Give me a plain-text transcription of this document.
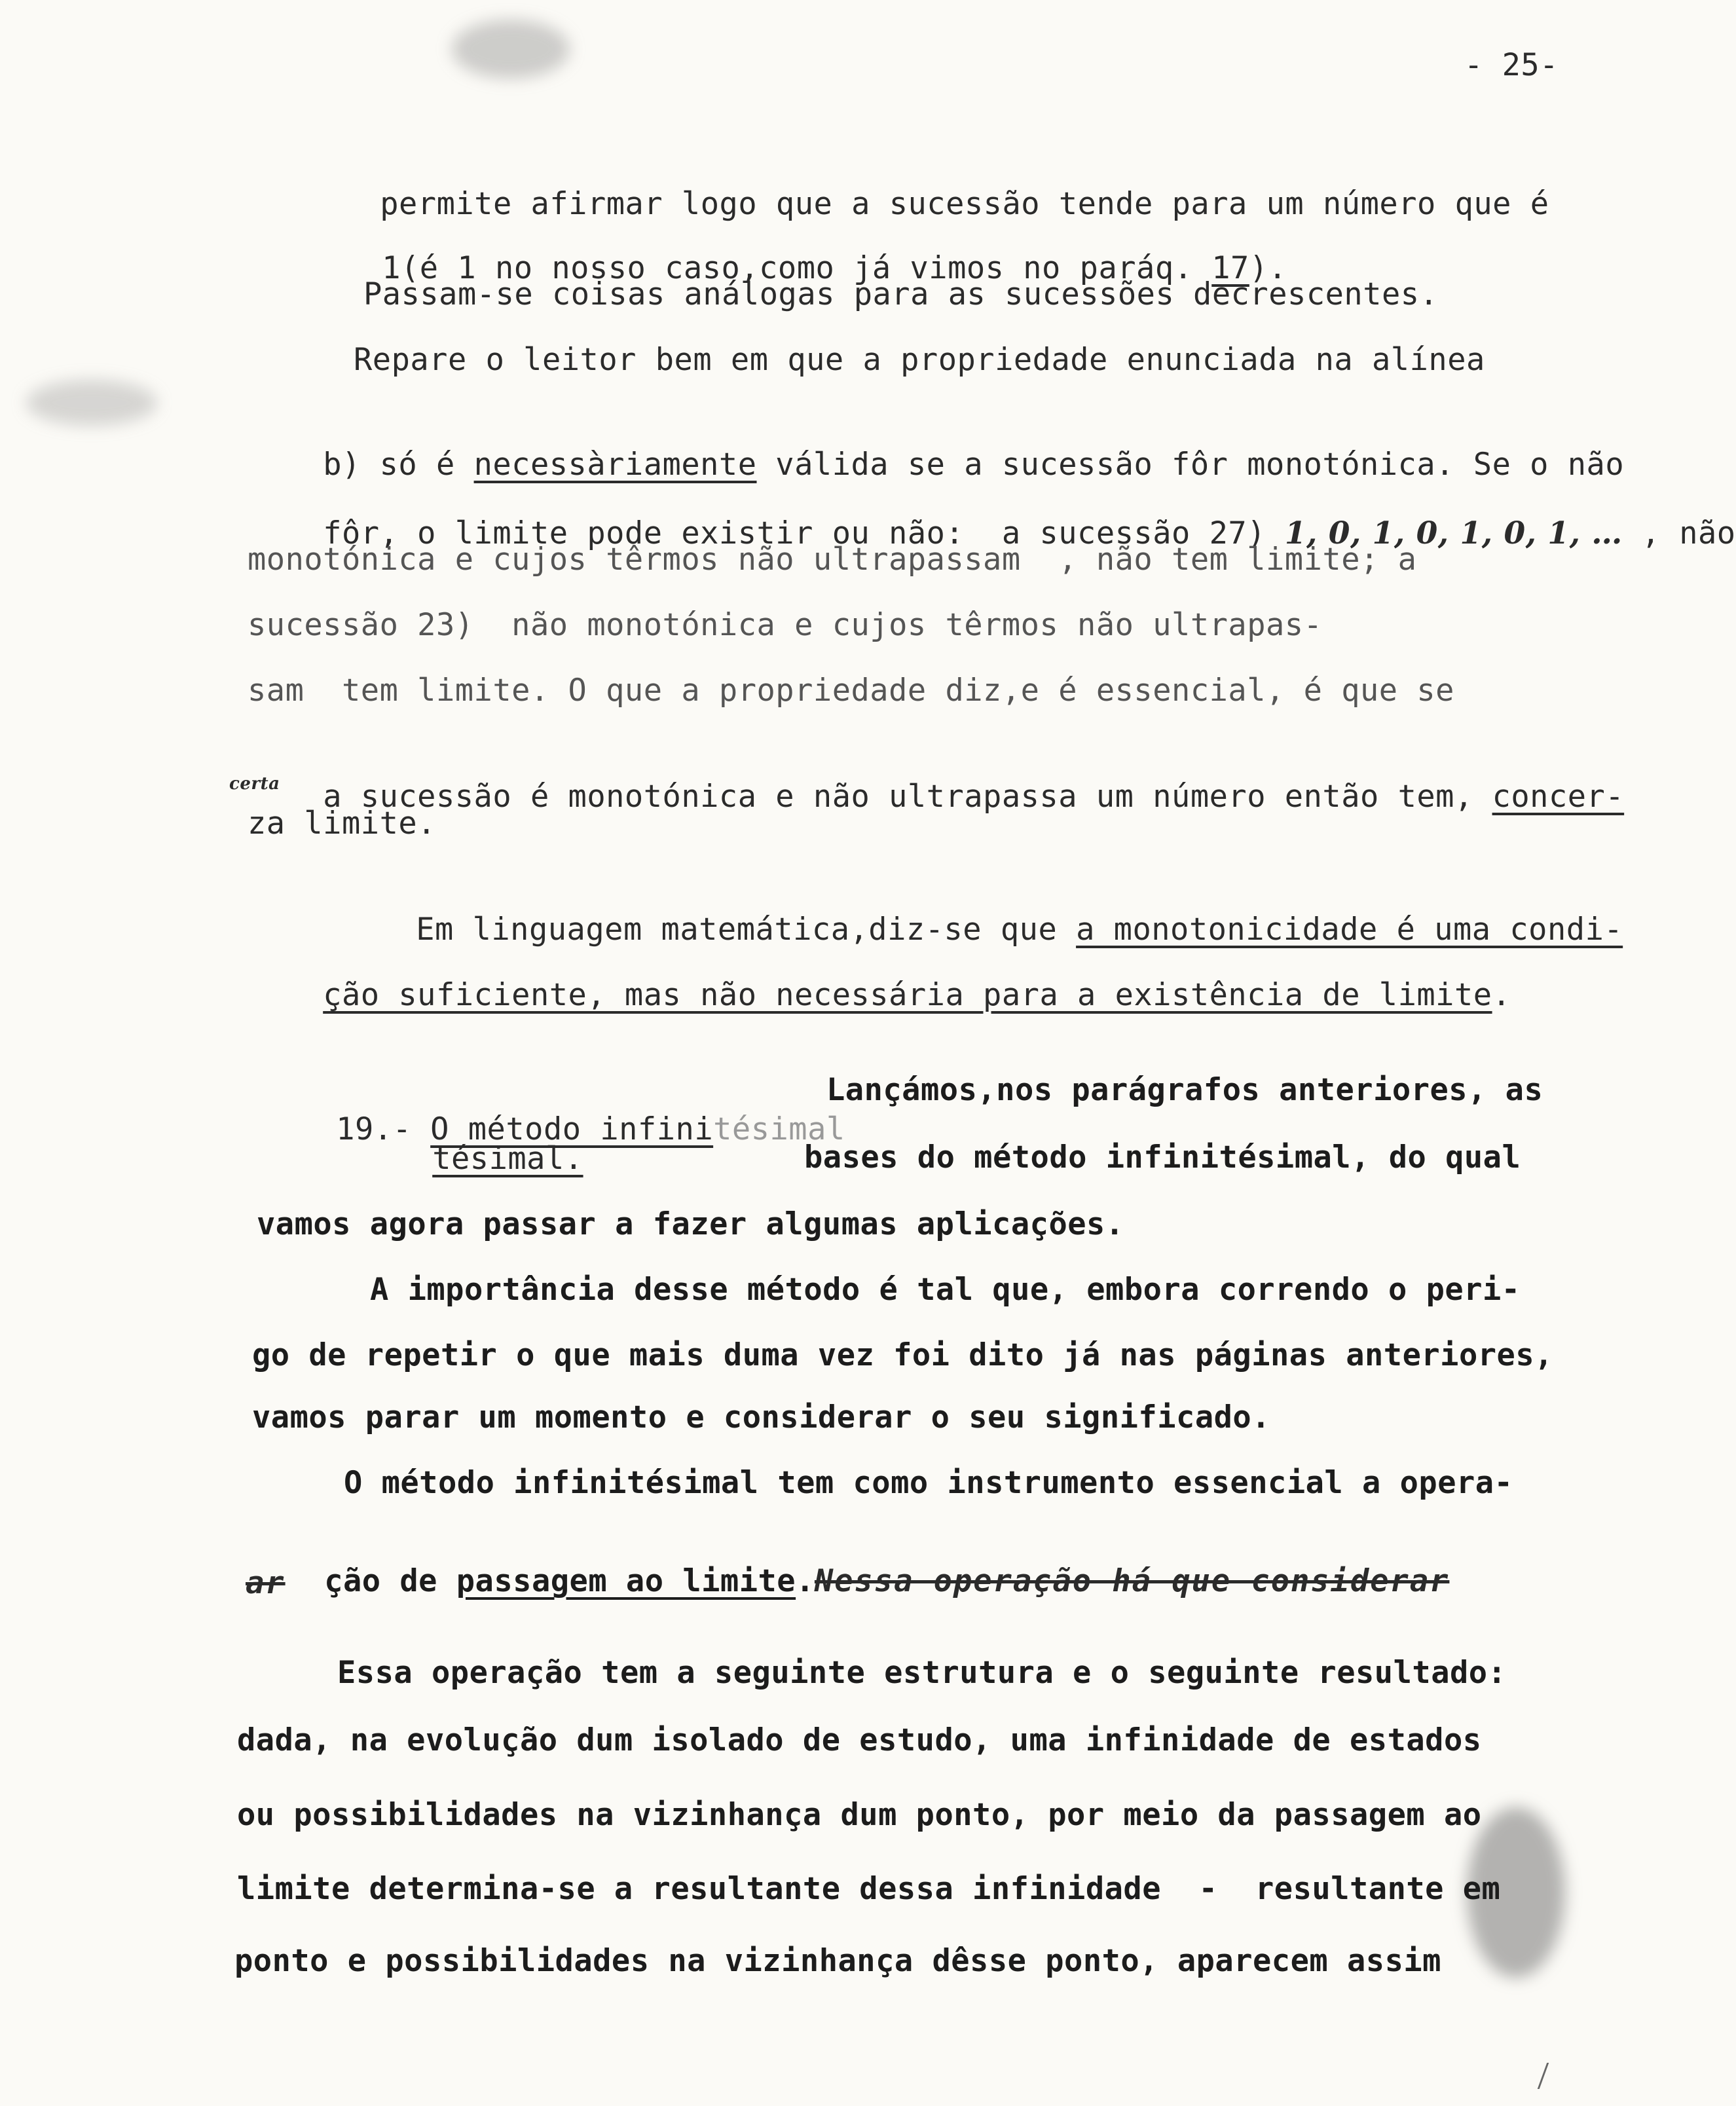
- 25-

permite afirmar logo que a sucessão tende para um número que é

1(é 1 no nosso caso,como já vimos no paráq. 17).

Passam-se coisas análogas para as sucessões decrescentes.
Repare o leitor bem em que a propriedade enunciada na alínea

b) só é necessàriamente válida se a sucessão fôr monotónica. Se o não

fôr, o limite pode existir ou não:  a sucessão 27) 1, 0, 1, 0, 1, 0, 1, … , não

monotónica e cujos têrmos não ultrapassam  , não tem limite; a
sucessão 23)  não monotónica e cujos têrmos não ultrapas-
sam  tem limite. O que a propriedade diz,e é essencial, é que se

a sucessão é monotónica e não ultrapassa um número então tem, concer-

certa
za limite.

Em linguagem matemática,diz-se que a monotonicidade é uma condi-

ção suficiente, mas não necessária para a existência de limite.

19.- O método infinitésimal

Lançámos,nos parágrafos anteriores, as

tésimal.
	bases do método infinitésimal, do qual
vamos agora passar a fazer algumas aplicações.
A importância desse método é tal que, embora correndo o peri-
go de repetir o que mais duma vez foi dito já nas páginas anteriores,
vamos parar um momento e considerar o seu significado.
O método infinitésimal tem como instrumento essencial a opera-

ção de passagem ao limite.Nessa operação há que considerar

ar
Essa operação tem a seguinte estrutura e o seguinte resultado:
dada, na evolução dum isolado de estudo, uma infinidade de estados
ou possibilidades na vizinhança dum ponto, por meio da passagem ao
limite determina-se a resultante dessa infinidade  -  resultante em
ponto e possibilidades na vizinhança dêsse ponto, aparecem assim
